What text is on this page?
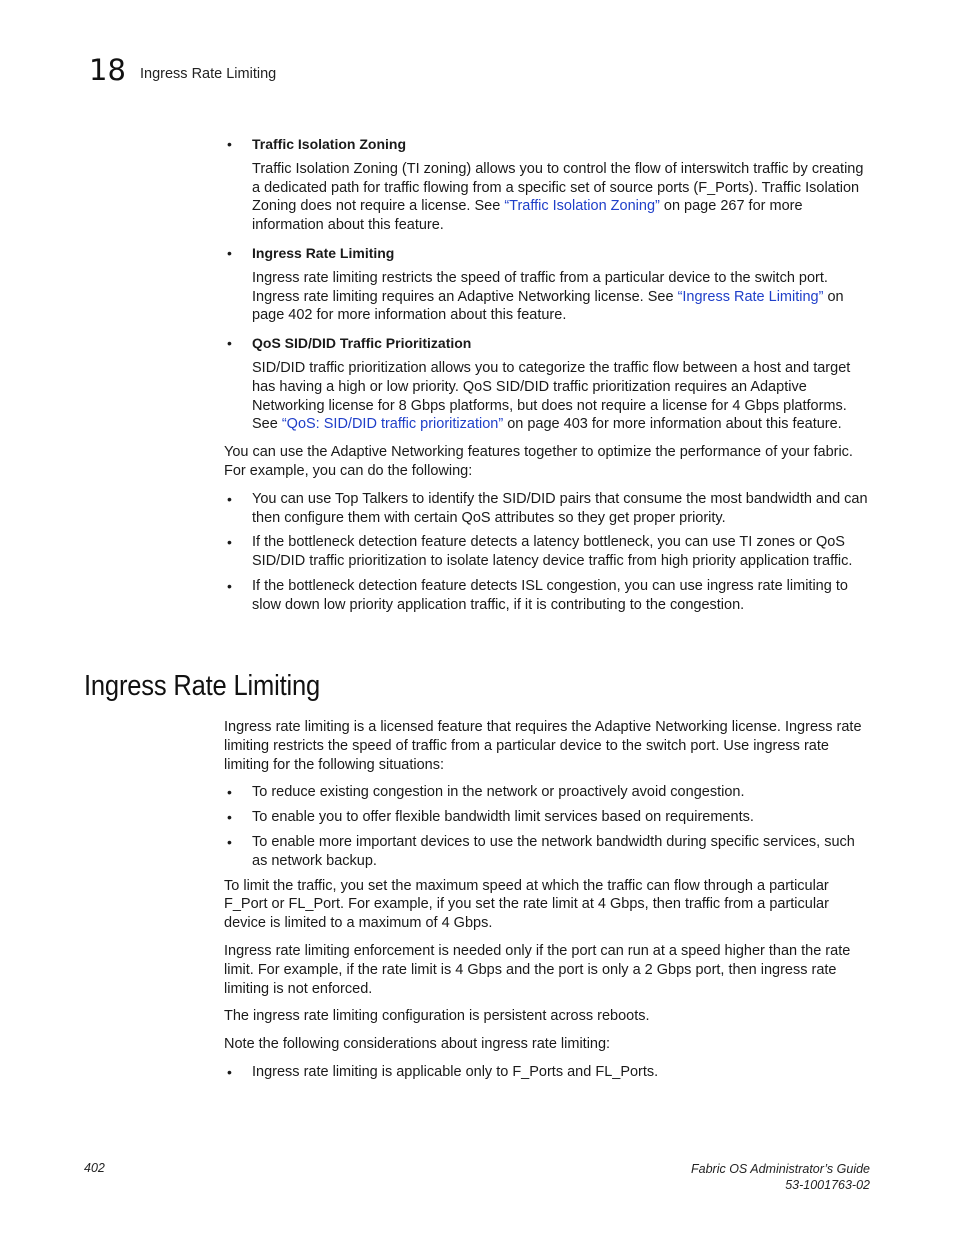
18 Ingress Rate Limiting
• Traffic Isolation Zoning

Traffic Isolation Zoning (TI zoning) allows you to control the flow of interswitch traffic by creating a dedicated path for traffic flowing from a specific set of source ports (F_Ports). Traffic Isolation Zoning does not require a license. See “Traffic Isolation Zoning” on page 267 for more information about this feature.

• Ingress Rate Limiting

Ingress rate limiting restricts the speed of traffic from a particular device to the switch port. Ingress rate limiting requires an Adaptive Networking license. See “Ingress Rate Limiting” on page 402 for more information about this feature.

• QoS SID/DID Traffic Prioritization

SID/DID traffic prioritization allows you to categorize the traffic flow between a host and target has having a high or low priority. QoS SID/DID traffic prioritization requires an Adaptive Networking license for 8 Gbps platforms, but does not require a license for 4 Gbps platforms. See “QoS: SID/DID traffic prioritization” on page 403 for more information about this feature.

You can use the Adaptive Networking features together to optimize the performance of your fabric. For example, you can do the following:

• You can use Top Talkers to identify the SID/DID pairs that consume the most bandwidth and can then configure them with certain QoS attributes so they get proper priority.
• If the bottleneck detection feature detects a latency bottleneck, you can use TI zones or QoS SID/DID traffic prioritization to isolate latency device traffic from high priority application traffic.
• If the bottleneck detection feature detects ISL congestion, you can use ingress rate limiting to slow down low priority application traffic, if it is contributing to the congestion.
Ingress Rate Limiting

Ingress rate limiting is a licensed feature that requires the Adaptive Networking license. Ingress rate limiting restricts the speed of traffic from a particular device to the switch port. Use ingress rate limiting for the following situations:

• To reduce existing congestion in the network or proactively avoid congestion.
• To enable you to offer flexible bandwidth limit services based on requirements.
• To enable more important devices to use the network bandwidth during specific services, such as network backup.

To limit the traffic, you set the maximum speed at which the traffic can flow through a particular F_Port or FL_Port. For example, if you set the rate limit at 4 Gbps, then traffic from a particular device is limited to a maximum of 4 Gbps.

Ingress rate limiting enforcement is needed only if the port can run at a speed higher than the rate limit. For example, if the rate limit is 4 Gbps and the port is only a 2 Gbps port, then ingress rate limiting is not enforced.

The ingress rate limiting configuration is persistent across reboots.

Note the following considerations about ingress rate limiting:

• Ingress rate limiting is applicable only to F_Ports and FL_Ports.
402	Fabric OS Administrator’s Guide
53-1001763-02
